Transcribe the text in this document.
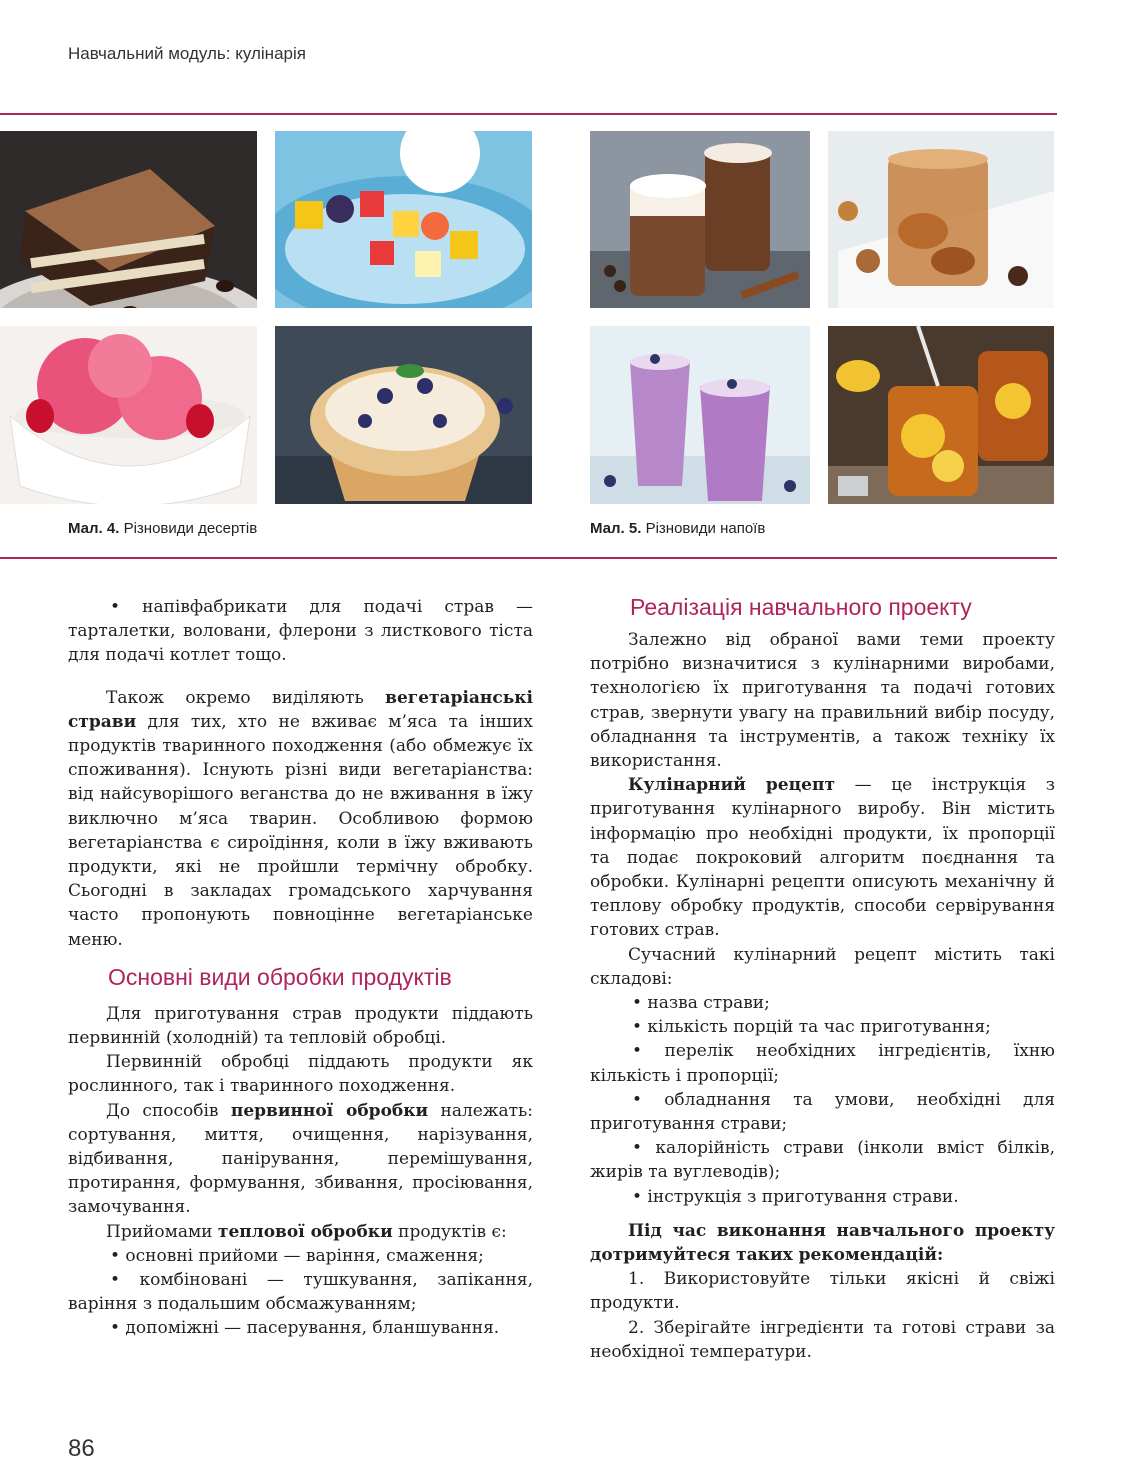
Навчальний модуль: кулінарія
Мал. 4. Різновиди десертів	Мал. 5. Різновиди напоїв

• напівфабрикати для подачі страв — тарталетки, воловани, флерони з листкового тіста для подачі котлет тощо.

Також окремо виділяють вегетаріанські страви для тих, хто не вживає м’яса та інших продуктів тваринного походження (або обмежує їх споживання). Існують різні види вегетаріанства: від найсуворішого веганства до не вживання в їжу виключно м’яса тварин. Особливою формою вегетаріанства є сироїдіння, коли в їжу вживають продукти, які не пройшли термічну обробку. Сьогодні в закладах громадського харчування часто пропонують повноцінне вегетаріанське меню.

Основні види обробки продуктів

Для приготування страв продукти піддають первинній (холодній) та тепловій обробці.

Первинній обробці піддають продукти як рослинного, так і тваринного походження.

До способів первинної обробки належать: сортування, миття, очищення, нарізування, відбивання, панірування, перемішування, протирання, формування, збивання, просіювання, замочування.

Прийомами теплової обробки продуктів є:

• основні прийоми — варіння, смаження;

• комбіновані — тушкування, запікання, варіння з подальшим обсмажуванням;

• допоміжні — пасерування, бланшування.

Реалізація навчального проекту

Залежно від обраної вами теми проекту потрібно визначитися з кулінарними виробами, технологією їх приготування та подачі готових страв, звернути увагу на правильний вибір посуду, обладнання та інструментів, а також техніку їх використання.

Кулінарний рецепт — це інструкція з приготування кулінарного виробу. Він містить інформацію про необхідні продукти, їх пропорції та подає покроковий алгоритм поєднання та обробки. Кулінарні рецепти описують механічну й теплову обробку продуктів, способи сервірування готових страв.

Сучасний кулінарний рецепт містить такі складові:

• назва страви;

• кількість порцій та час приготування;

• перелік необхідних інгредієнтів, їхню кількість і пропорції;

• обладнання та умови, необхідні для приготування страви;

• калорійність страви (інколи вміст білків, жирів та вуглеводів);

• інструкція з приготування страви.

Під час виконання навчального проекту дотримуйтеся таких рекомендацій:

1. Використовуйте тільки якісні й свіжі продукти.

2. Зберігайте інгредієнти та готові страви за необхідної температури.

86
